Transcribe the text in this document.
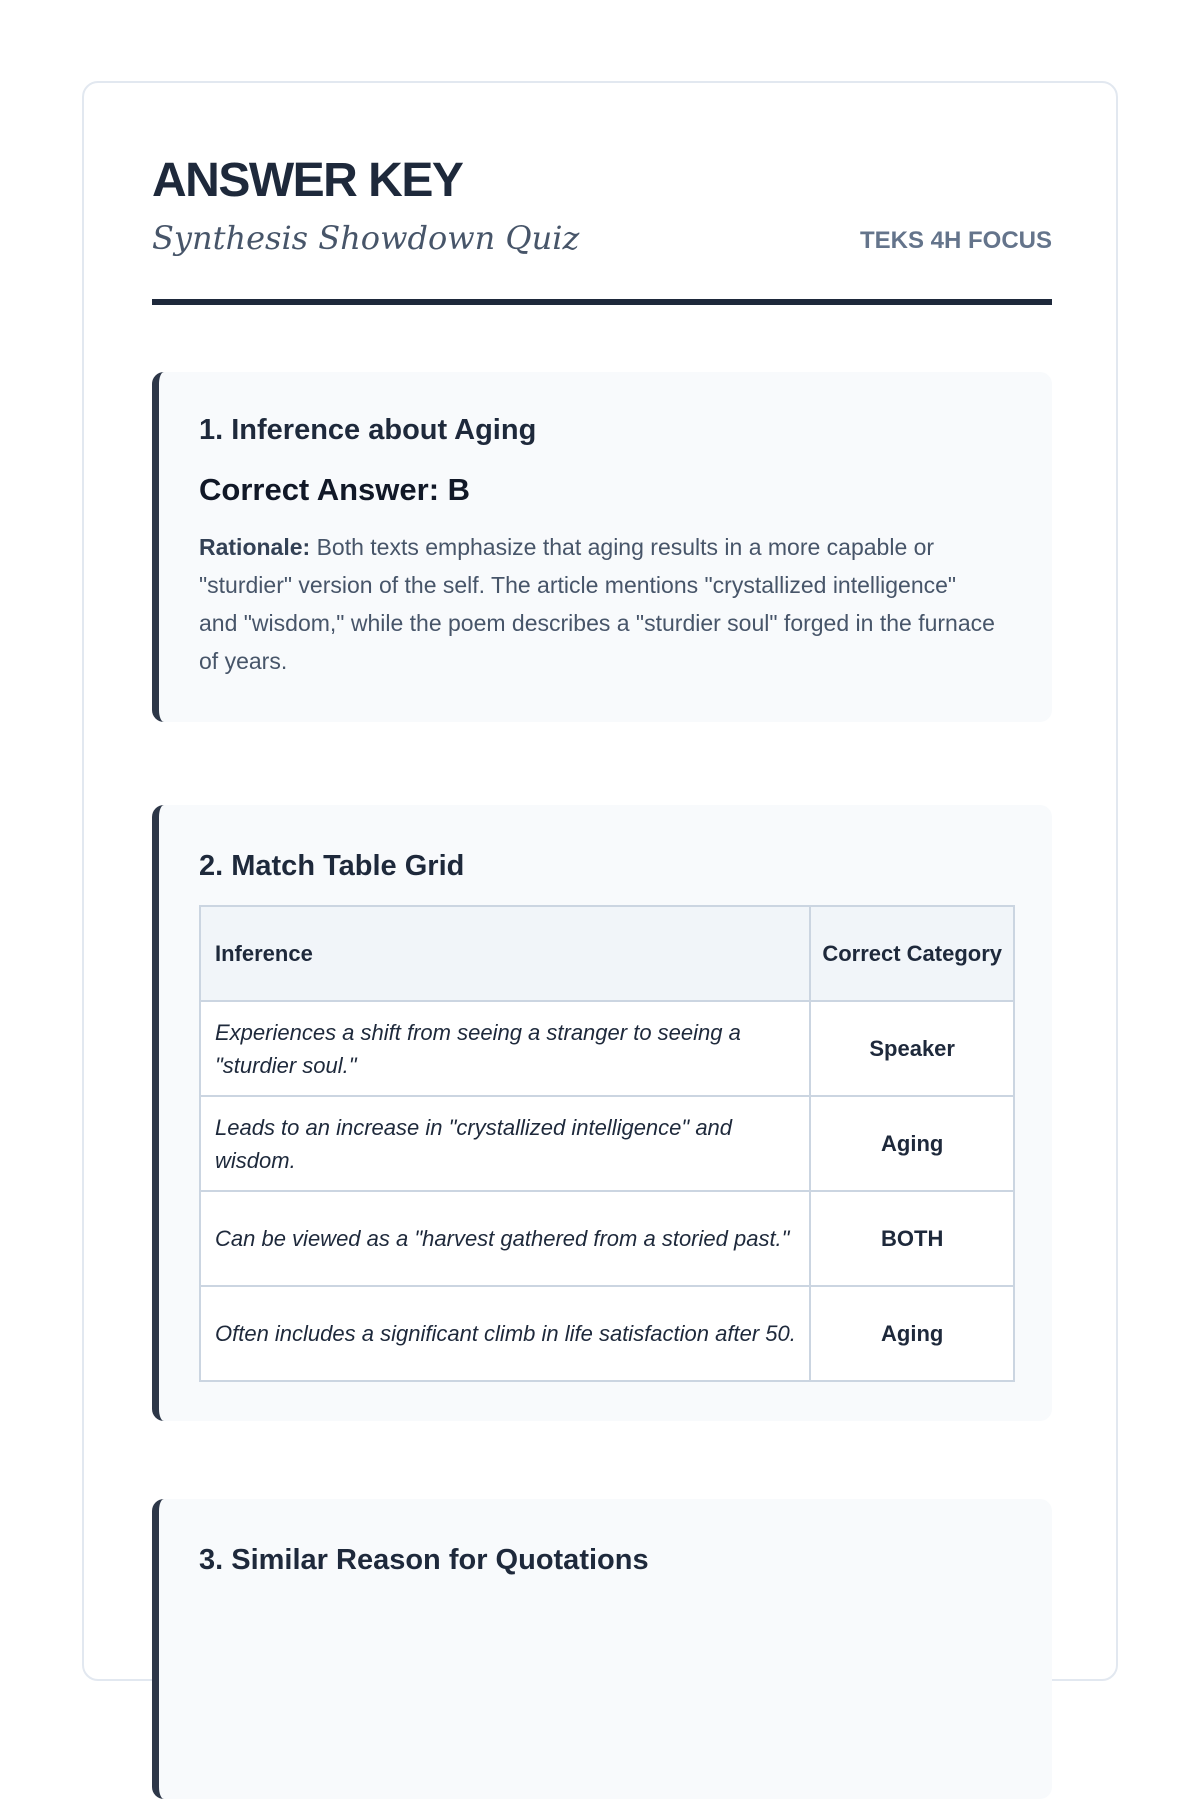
ANSWER KEY
Synthesis Showdown Quiz	TEKS 4H FOCUS
1. Inference about Aging
Correct Answer: B

Rationale: Both texts emphasize that aging results in a more capable or "sturdier" version of the self. The article mentions "crystallized intelligence" and "wisdom," while the poem describes a "sturdier soul" forged in the furnace of years.

2. Match Table Grid
Inference	Correct Category
Experiences a shift from seeing a stranger to seeing a "sturdier soul."	Speaker
Leads to an increase in "crystallized intelligence" and wisdom.	Aging
Can be viewed as a "harvest gathered from a storied past."	BOTH
Often includes a significant climb in life satisfaction after 50.	Aging
3. Similar Reason for Quotations
